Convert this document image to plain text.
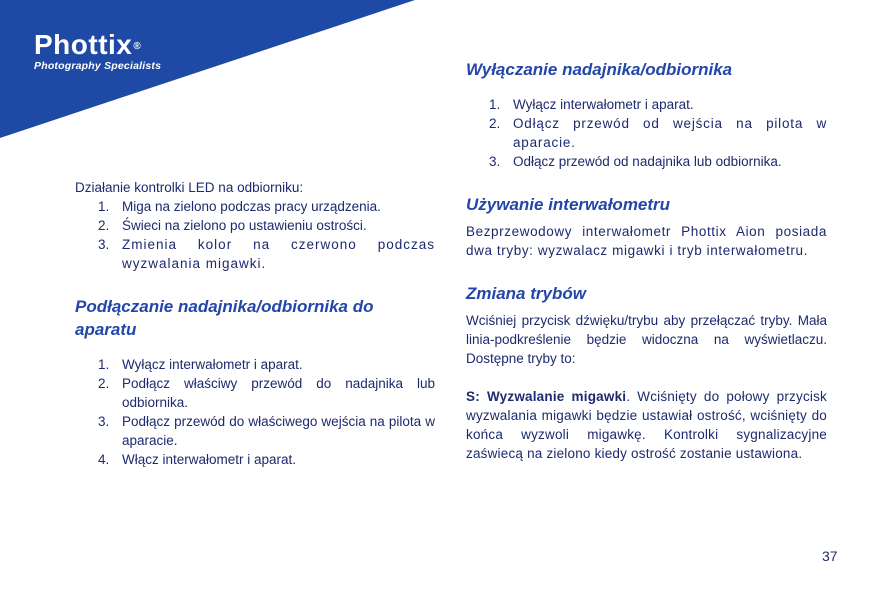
Phottix®
Photography Specialists

Działanie kontrolki LED na odbiorniku:

1. Miga na zielono podczas pracy urządzenia.
2. Świeci na zielono po ustawieniu ostrości.
3. Zmienia kolor na czerwono podczas wyzwalania migawki.
Podłączanie nadajnika/odbiornika do aparatu
1. Wyłącz interwałometr i aparat.
2. Podłącz właściwy przewód do nadajnika lub odbiornika.
3. Podłącz przewód do właściwego wejścia na pilota w aparacie.
4. Włącz interwałometr i aparat.
Wyłączanie nadajnika/odbiornika
1. Wyłącz interwałometr i aparat.
2. Odłącz przewód od wejścia na pilota w aparacie.
3. Odłącz przewód od nadajnika lub odbiornika.
Używanie interwałometru

Bezprzewodowy interwałometr Phottix Aion posiada dwa tryby: wyzwalacz migawki i tryb interwałometru.

Zmiana trybów

Wciśniej przycisk dźwięku/trybu aby przełączać tryby. Mała linia-podkreślenie będzie widoczna na wyświetlaczu. Dostępne tryby to:

S: Wyzwalanie migawki. Wciśnięty do połowy przycisk wyzwalania migawki będzie ustawiał ostrość, wciśnięty do końca wyzwoli migawkę. Kontrolki sygnalizacyjne zaświecą na zielono kiedy ostrość zostanie ustawiona.

37
